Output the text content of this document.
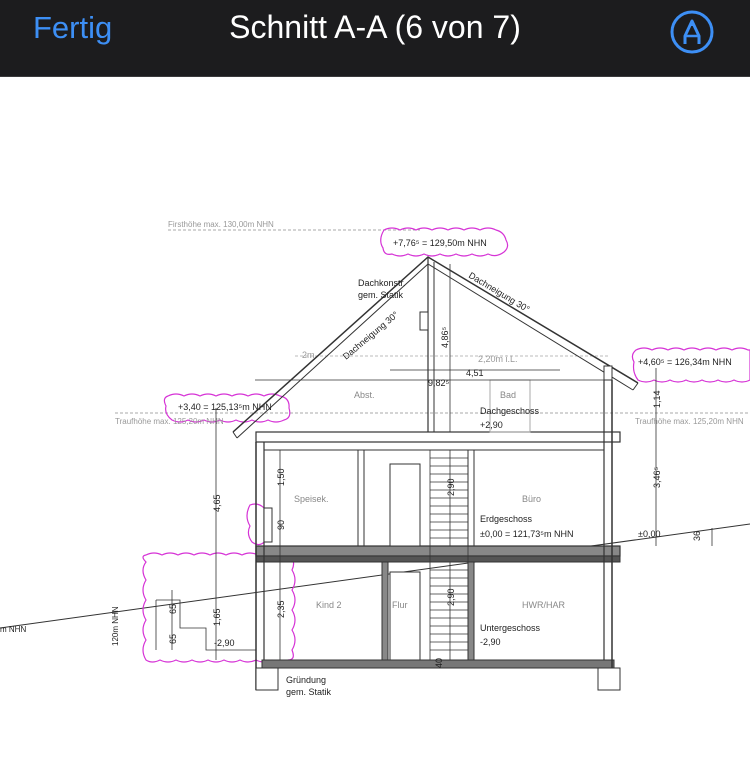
Fertig	Schnitt A-A (6 von 7)
Firsthöhe max. 130,00m NHN
+7,76⁵ = 129,50m NHN
Dachkonstr.
gem. Statik
Dachneigung 30°
Dachneigung 30°
2m	2,20m i.L.
4,51
9,82⁵
4,86⁵
+4,60⁵ = 126,34m NHN
+3,40 = 125,13⁵m NHN
Traufhöhe max. 125,20m NHN	Traufhöhe max. 125,20m NHN
Abst.	Bad
Dachgeschoss
+2,90
Speisek.	Büro
Erdgeschoss
±0,00 = 121,73⁵m NHN
1,50
90
4,65
2,90
1,14
3,46⁵
±0,00	36
Kind 2	Flur	HWR/HAR
Untergeschoss
-2,90
-2,90
2,35
1,65
65
65
2,90
40
Gründung
gem. Statik
m NHN	120m NHN
